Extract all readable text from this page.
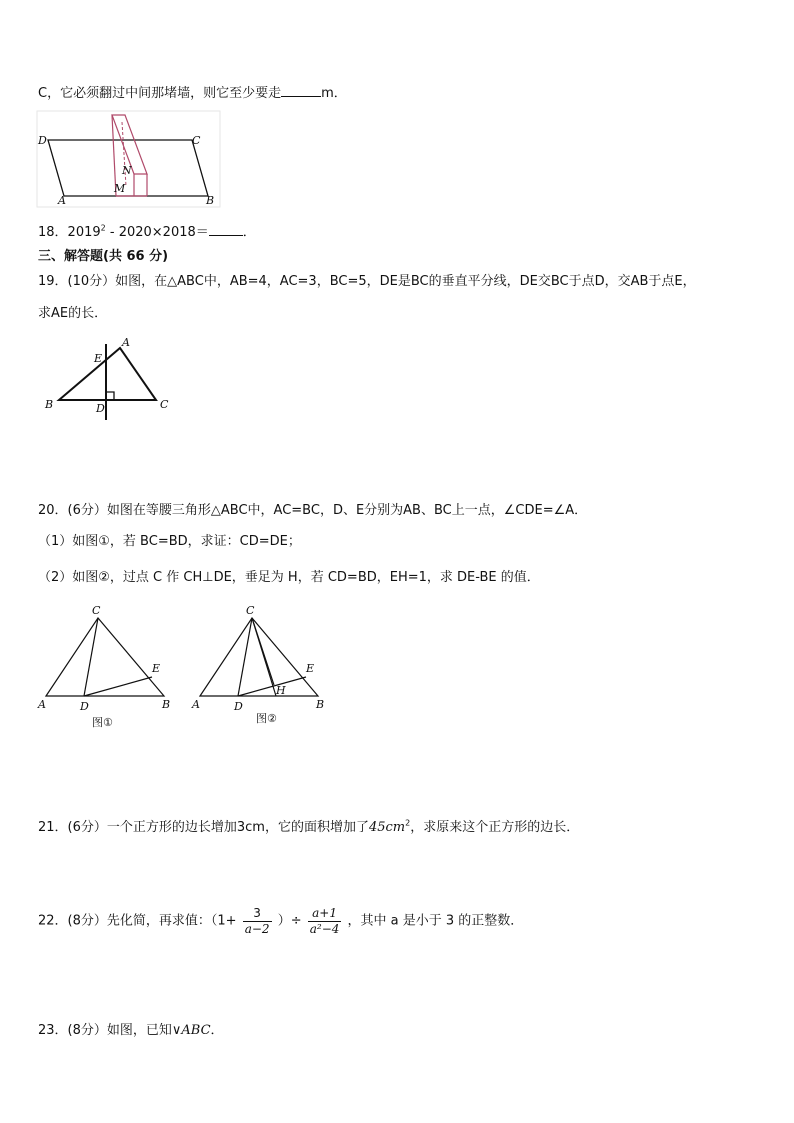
C，它必须翻过中间那堵墙，则它至少要走	m．
D	C
A	B
N
M
18．2019$^2$ - 2020×2018＝	．
三、解答题(共 66 分)
19．(10分）如图，在△ABC中，AB=4，AC=3，BC=5，DE是BC的垂直平分线，DE交BC于点D，交AB于点E，
求AE的长．
A
E
B	C
D
20．(6分）如图在等腰三角形△ABC中，AC=BC，D、E分别为AB、BC上一点，∠CDE=∠A．
（1）如图①，若 BC=BD，求证：CD=DE；
（2）如图②，过点 C 作 CH⊥DE，垂足为 H，若 CD=BD，EH=1，求 DE-BE 的值．
C
E
A	D	B
图①
C
E
H
A	D	B
图②
21．(6分）一个正方形的边长增加3cm，它的面积增加了$45cm^2$，求原来这个正方形的边长．
22．(8分）先化简，再求值：（$1+ \frac{3}{a-2}$ ）÷ $\frac{a+1}{\text{a²−4}}$ ，其中 a 是小于 3 的正整数．
23．(8分）如图，已知∨ABC．
